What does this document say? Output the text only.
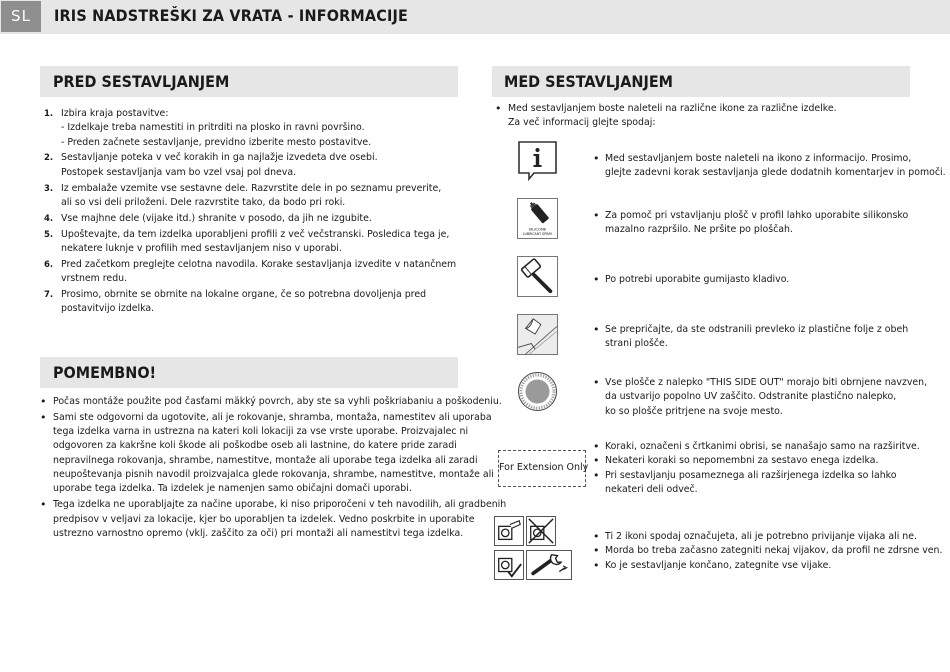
SL	IRIS NADSTREŠKI ZA VRATA - INFORMACIJE
PRED SESTAVLJANJEM
1. Izbira kraja postavitve:
- Izdelkaje treba namestiti in pritrditi na plosko in ravni površino.
- Preden začnete sestavljanje, previdno izberite mesto postavitve.
2. Sestavljanje poteka v več korakih in ga najlažje izvedeta dve osebi.
Postopek sestavljanja vam bo vzel vsaj pol dneva.
3. Iz embalaže vzemite vse sestavne dele. Razvrstite dele in po seznamu preverite,
ali so vsi deli priloženi. Dele razvrstite tako, da bodo pri roki.
4. Vse majhne dele (vijake itd.) shranite v posodo, da jih ne izgubite.
5. Upoštevajte, da tem izdelka uporabljeni profili z več večstranski. Posledica tega je,
nekatere luknje v profilih med sestavljanjem niso v uporabi.
6. Pred začetkom preglejte celotna navodila. Korake sestavljanja izvedite v natančnem
vrstnem redu.
7. Prosimo, obrnite se obrnite na lokalne organe, če so potrebna dovoljenja pred
postavitvijo izdelka.
POMEMBNO!
• Počas montáže použite pod časťami mäkký povrch, aby ste sa vyhli poškriabaniu a poškodeniu.
• Sami ste odgovorni da ugotovite, ali je rokovanje, shramba, montaža, namestitev ali uporaba
tega izdelka varna in ustrezna na kateri koli lokaciji za vse vrste uporabe. Proizvajalec ni
odgovoren za kakršne koli škode ali poškodbe oseb ali lastnine, do katere pride zaradi
nepravilnega rokovanja, shrambe, namestitve, montaže ali uporabe tega izdelka ali zaradi
neupoštevanja pisnih navodil proizvajalca glede rokovanja, shrambe, namestitve, montaže ali
uporabe tega izdelka. Ta izdelek je namenjen samo običajni domači uporabi.
• Tega izdelka ne uporabljajte za načine uporabe, ki niso priporočeni v teh navodilih, ali gradbenih
predpisov v veljavi za lokacije, kjer bo uporabljen ta izdelek. Vedno poskrbite in uporabite
ustrezno varnostno opremo (vklj. zaščito za oči) pri montaži ali namestitvi tega izdelka.
MED SESTAVLJANJEM
• Med sestavljanjem boste naleteli na različne ikone za različne izdelke.
Za več informacij glejte spodaj:
• Med sestavljanjem boste naleteli na ikono z informacijo. Prosimo,
glejte zadevni korak sestavljanja glede dodatnih komentarjev in pomoči.
SILICONE
LUBRICANT SPRAY
• Za pomoč pri vstavljanju plošč v profil lahko uporabite silikonsko
mazalno razpršilo. Ne pršite po ploščah.
• Po potrebi uporabite gumijasto kladivo.
• Se prepričajte, da ste odstranili prevleko iz plastične folje z obeh
strani plošče.
• Vse plošče z nalepko "THIS SIDE OUT" morajo biti obrnjene navzven,
da ustvarijo popolno UV zaščito. Odstranite plastično nalepko,
ko so plošče pritrjene na svoje mesto.
For Extension Only
• Koraki, označeni s črtkanimi obrisi, se nanašajo samo na razširitve.
• Nekateri koraki so nepomembni za sestavo enega izdelka.
• Pri sestavljanju posameznega ali razširjenega izdelka so lahko
nekateri deli odveč.
• Ti 2 ikoni spodaj označujeta, ali je potrebno privijanje vijaka ali ne.
• Morda bo treba začasno zategniti nekaj vijakov, da profil ne zdrsne ven.
• Ko je sestavljanje končano, zategnite vse vijake.
